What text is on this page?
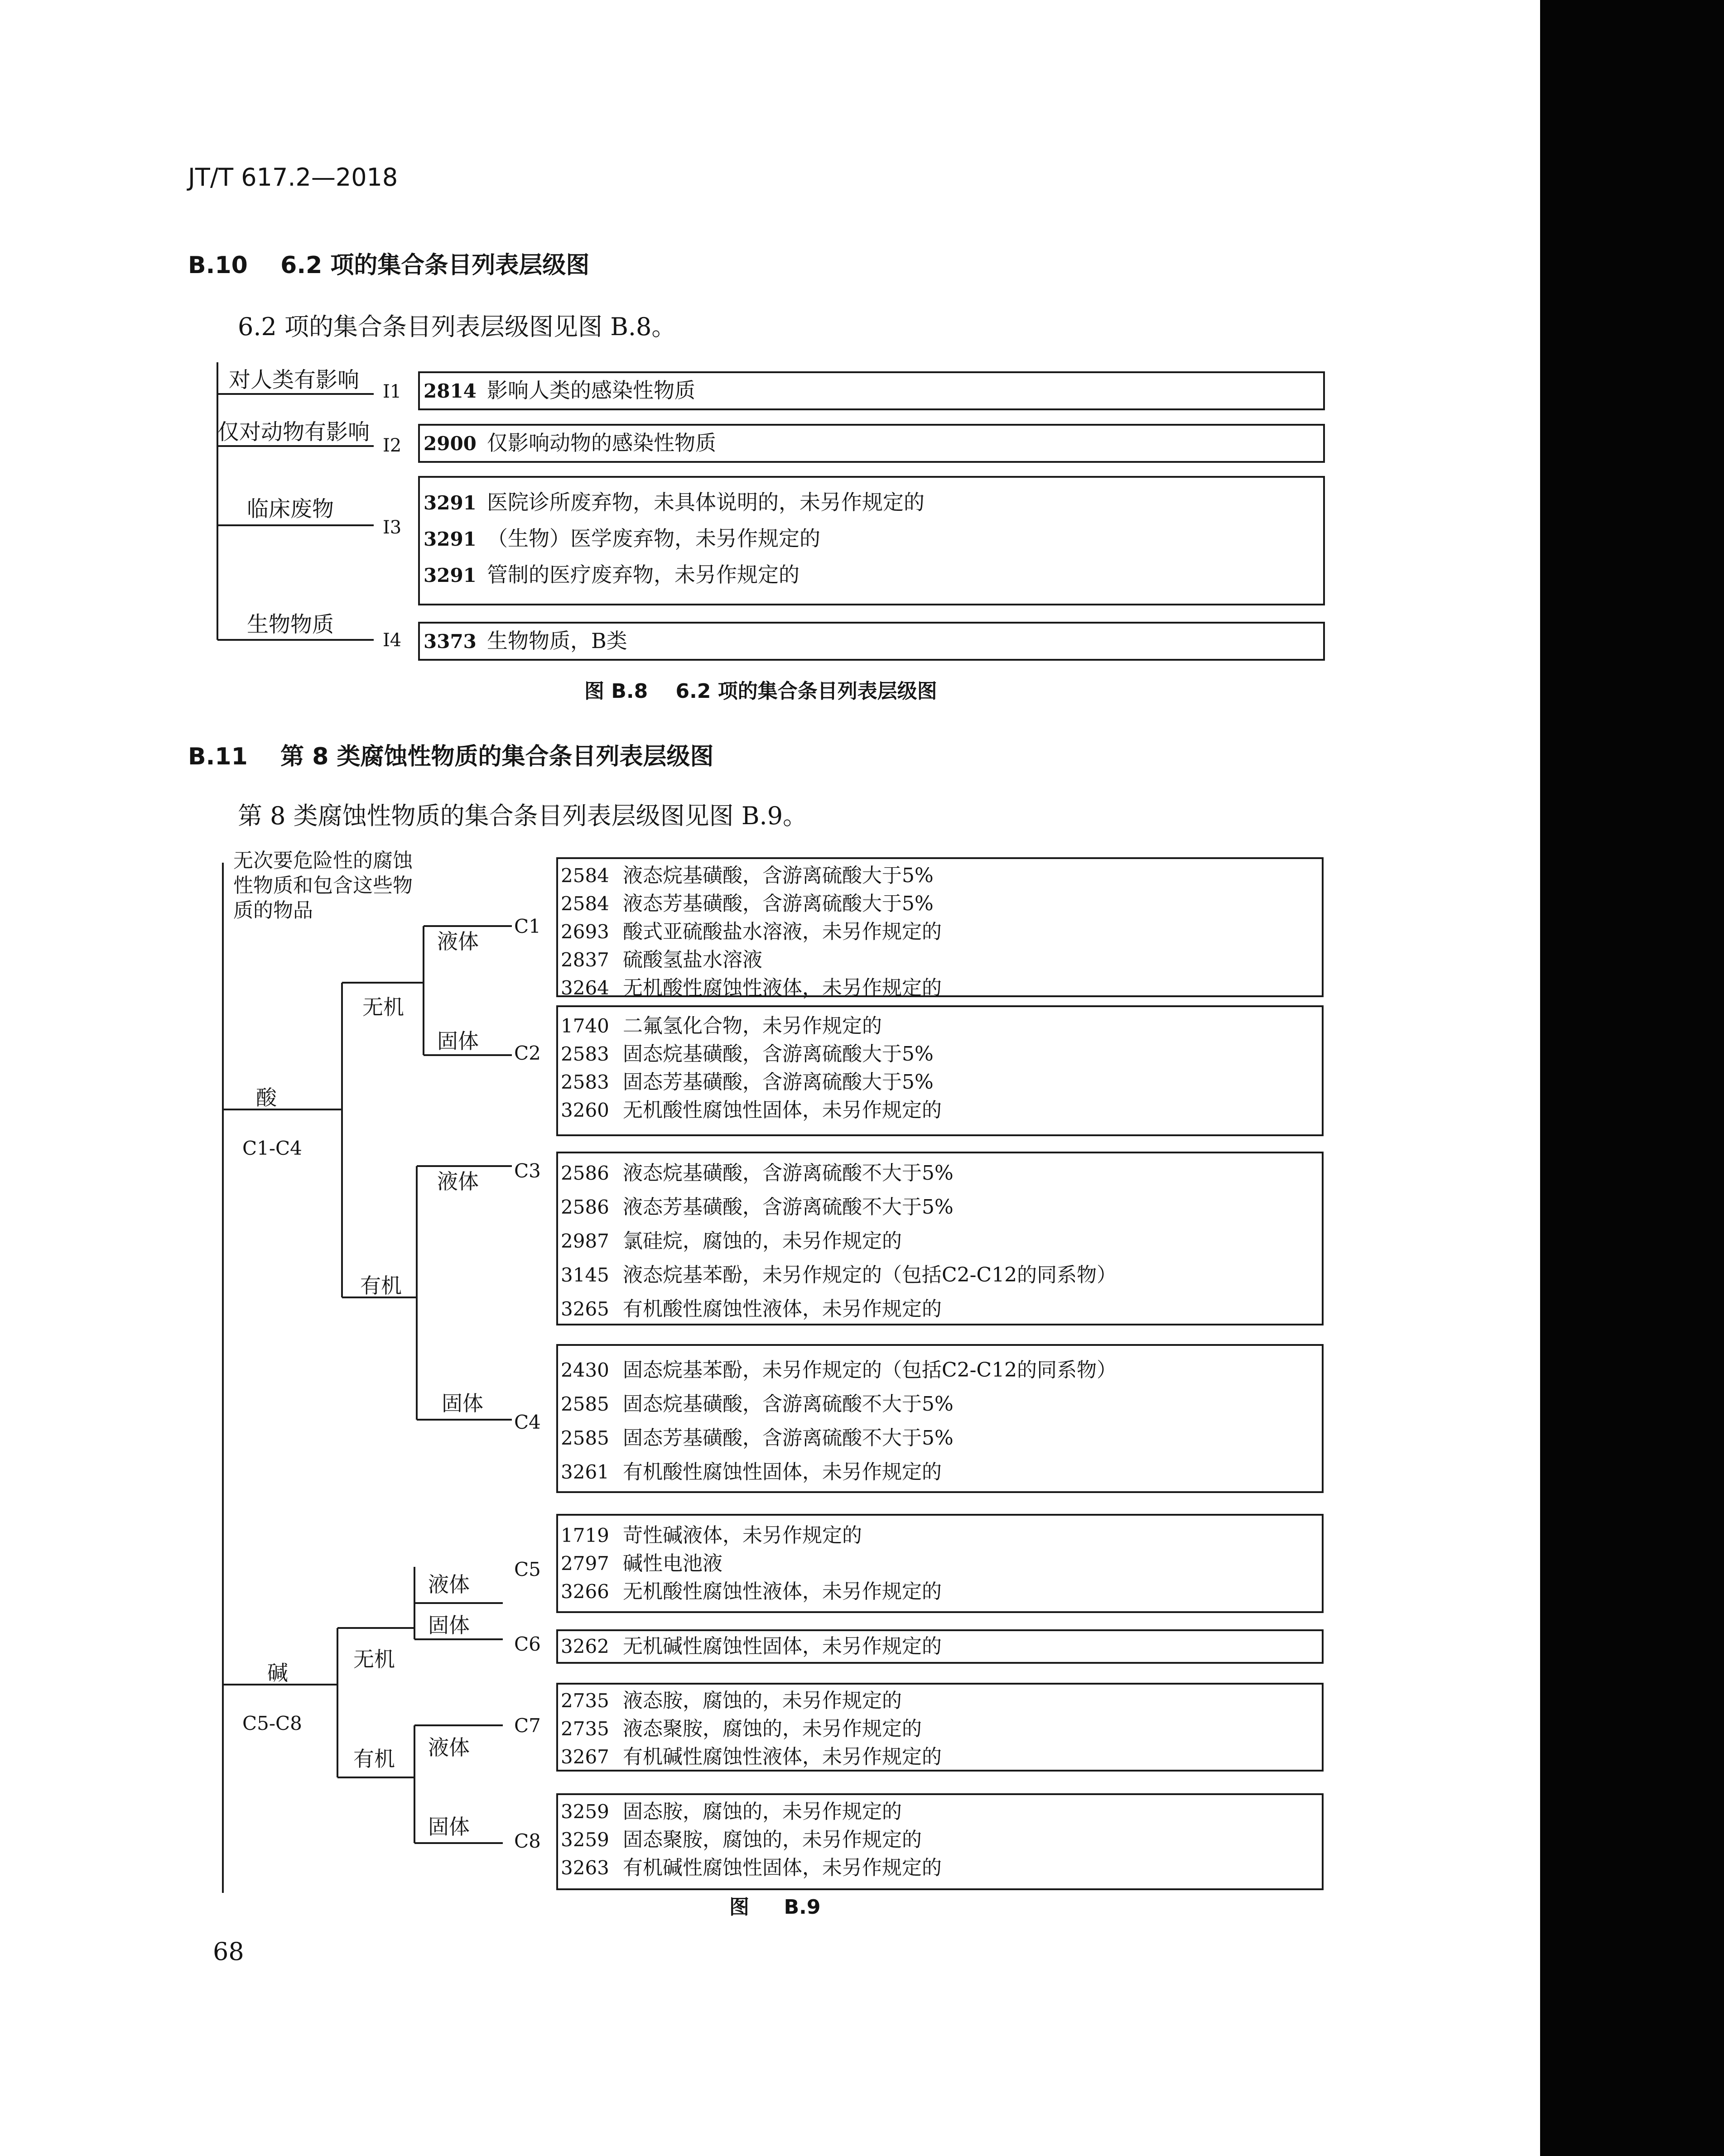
JT/T 617.2—2018
B.10    6.2 项的集合条目列表层级图
6.2 项的集合条目列表层级图见图 B.8。
对人类有影响 I1 2814 影响人类的感染性物质
仅对动物有影响
I2 2900 仅影响动物的感染性物质
临床废物
I3
3291 医院诊所废弃物，未具体说明的，未另作规定的
3291 （生物）医学废弃物，未另作规定的
3291 管制的医疗废弃物，未另作规定的
生物物质
I4 3373 生物物质，B类
图 B.8    6.2 项的集合条目列表层级图
B.11    第 8 类腐蚀性物质的集合条目列表层级图
第 8 类腐蚀性物质的集合条目列表层级图见图 B.9。
无次要危险性的腐蚀
性物质和包含这些物
质的物品
酸
C1-C4
无机
液体
固体
有机
液体
固体
碱
C5-C8
无机
液体
固体
有机 液体
固体
C1
2584 液态烷基磺酸，含游离硫酸大于5%
2584 液态芳基磺酸，含游离硫酸大于5%
2693 酸式亚硫酸盐水溶液，未另作规定的
2837 硫酸氢盐水溶液
3264 无机酸性腐蚀性液体，未另作规定的
C2
1740 二氟氢化合物，未另作规定的
2583 固态烷基磺酸，含游离硫酸大于5%
2583 固态芳基磺酸，含游离硫酸大于5%
3260 无机酸性腐蚀性固体，未另作规定的
C3 2586 液态烷基磺酸，含游离硫酸不大于5%
2586 液态芳基磺酸，含游离硫酸不大于5%
2987 氯硅烷，腐蚀的，未另作规定的
3145 液态烷基苯酚，未另作规定的（包括C2-C12的同系物）
3265 有机酸性腐蚀性液体，未另作规定的
C4
2430 固态烷基苯酚，未另作规定的（包括C2-C12的同系物）
2585 固态烷基磺酸，含游离硫酸不大于5%
2585 固态芳基磺酸，含游离硫酸不大于5%
3261 有机酸性腐蚀性固体，未另作规定的
C5
1719 苛性碱液体，未另作规定的
2797 碱性电池液
3266 无机酸性腐蚀性液体，未另作规定的
C6 3262 无机碱性腐蚀性固体，未另作规定的
C7
2735 液态胺，腐蚀的，未另作规定的
2735 液态聚胺，腐蚀的，未另作规定的
3267 有机碱性腐蚀性液体，未另作规定的
C8
3259 固态胺，腐蚀的，未另作规定的
3259 固态聚胺，腐蚀的，未另作规定的
3263 有机碱性腐蚀性固体，未另作规定的
图     B.9
68
